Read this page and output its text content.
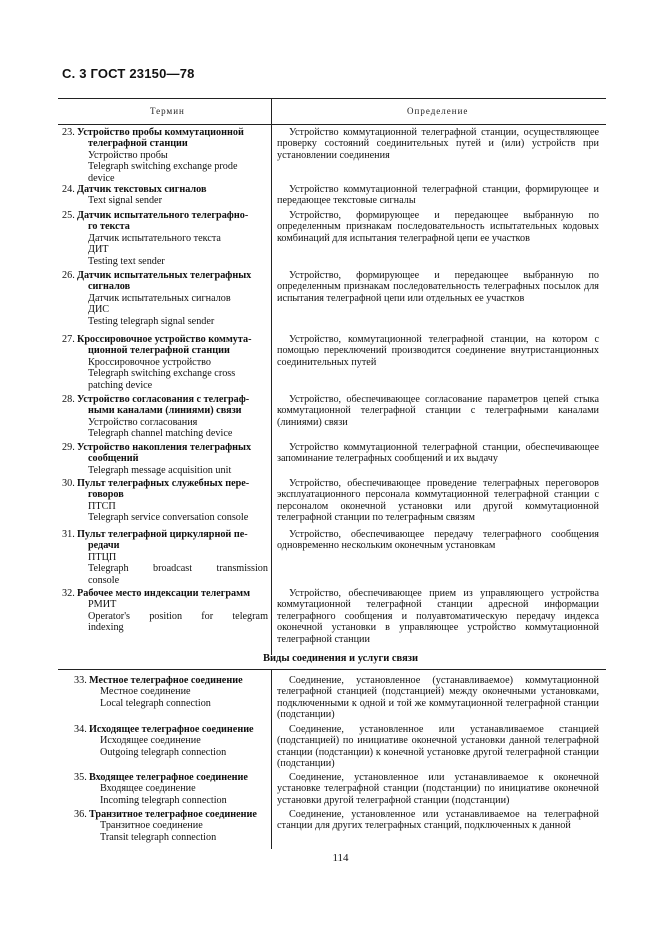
С. 3 ГОСТ 23150—78
Термин	Определение
23. Устройство пробы коммутационной
телеграфной станции
Устройство пробы
Telegraph switching exchange prode
device
Устройство коммутационной телеграфной станции, осуществляющее проверку состояний соединительных путей и (или) устройств при установлении соединения
24. Датчик текстовых сигналов
Text signal sender
Устройство коммутационной телеграфной станции, формирующее и передающее текстовые сигналы
25. Датчик испытательного телеграфно-
го текста
Датчик испытательного текста
ДИТ
Testing text sender
Устройство, формирующее и передающее выбранную по определенным признакам последовательность испытательных кодовых комбинаций для испытания телеграфной цепи ее участков
26. Датчик испытательных телеграфных
сигналов
Датчик испытательных сигналов
ДИС
Testing telegraph signal sender
Устройство, формирующее и передающее выбранную по определенным признакам последовательность телеграфных посылок для испытания телеграфной цепи или отдельных ее участков
27. Кроссировочное устройство коммута-
ционной телеграфной станции
Кроссировочное устройство
Telegraph switching exchange cross
patching device
Устройство, коммутационной телеграфной станции, на котором с помощью переключений производится соединение внутристанционных соединительных путей
28. Устройство согласования с телеграф-
ными каналами (линиями) связи
Устройство согласования
Telegraph channel matching device
Устройство, обеспечивающее согласование параметров цепей стыка коммутационной телеграфной станции с телеграфными каналами (линиями) связи
29. Устройство накопления телеграфных
сообщений
Telegraph message acquisition unit
Устройство коммутационной телеграфной станции, обеспечивающее запоминание телеграфных сообщений и их выдачу
30. Пульт телеграфных служебных пере-
говоров
ПТСП
Telegraph service conversation console
Устройство, обеспечивающее проведение телеграфных переговоров эксплуатационного персонала коммутационной телеграфной станции с персоналом оконечной установки или другой коммутационной телеграфной станции по телеграфным связям
31. Пульт телеграфной циркулярной пе-
редачи
ПТЦП
Telegraph broadcast transmission
console
Устройство, обеспечивающее передачу телеграфного сообщения одновременно нескольким оконечным установкам
32. Рабочее место индексации телеграмм
РМИТ
Operator's position for telegram
indexing
Устройство, обеспечивающее прием из управляющего устройства коммутационной телеграфной станции адресной информации телеграфного сообщения и полуавтоматическую передачу индекса оконечной установки в управляющее устройство коммутационной телеграфной станции
Виды соединения и услуги связи
33. Местное телеграфное соединение
Местное соединение
Local telegraph connection
Соединение, установленное (устанавливаемое) коммутационной телеграфной станцией (подстанцией) между оконечными установками, подключенными к одной и той же коммутационной телеграфной станции (подстанции)
34. Исходящее телеграфное соединение
Исходящее соединение
Outgoing telegraph connection
Соединение, установленное или устанавливаемое станцией (подстанцией) по инициативе оконечной установки данной телеграфной станции (подстанции) к конечной установке другой телеграфной станции (подстанции)
35. Входящее телеграфное соединение
Входящее соединение
Incoming telegraph connection
Соединение, установленное или устанавливаемое к оконечной установке телеграфной станции (подстанции) по инициативе оконечной установки другой телеграфной станции (подстанции)
36. Транзитное телеграфное соединение
Транзитное соединение
Transit telegraph connection
Соединение, установленное или устанавливаемое на телеграфной станции для других телеграфных станций, подключенных к данной
114
